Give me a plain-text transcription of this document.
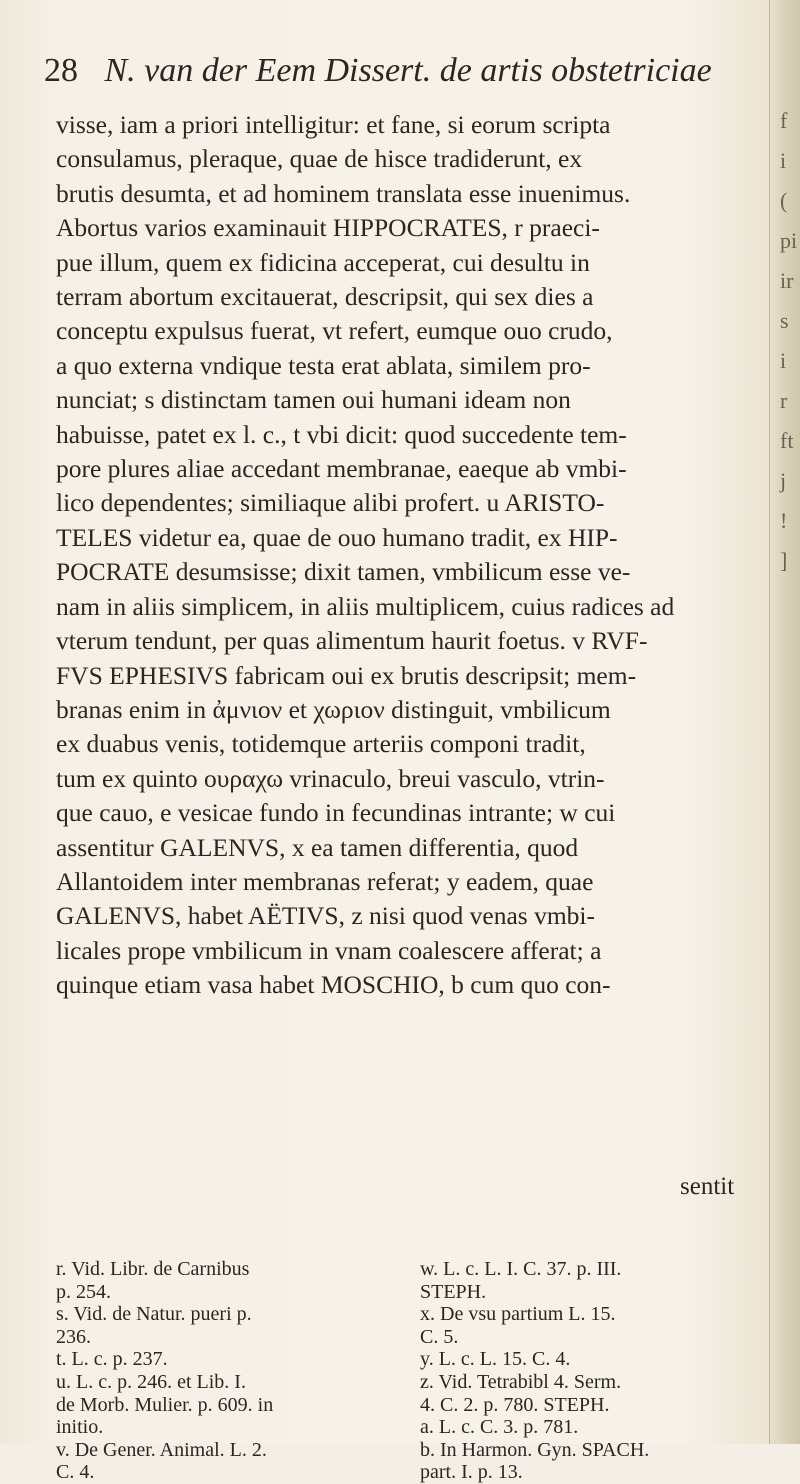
f
i
(
pi
ir
s
i
r
ft
j
!
]
28 N. van der Eem Dissert. de artis obstetriciae

visse, iam a priori intelligitur: et fane, si eorum scripta

consulamus, pleraque, quae de hisce tradiderunt, ex

brutis desumta, et ad hominem translata esse inuenimus.

Abortus varios examinauit HIPPOCRATES, r praeci-

pue illum, quem ex fidicina acceperat, cui desultu in

terram abortum excitauerat, descripsit, qui sex dies a

conceptu expulsus fuerat, vt refert, eumque ouo crudo,

a quo externa vndique testa erat ablata, similem pro-

nunciat; s distinctam tamen oui humani ideam non

habuisse, patet ex l. c., t vbi dicit: quod succedente tem-

pore plures aliae accedant membranae, eaeque ab vmbi-

lico dependentes; similiaque alibi profert. u ARISTO-

TELES videtur ea, quae de ouo humano tradit, ex HIP-

POCRATE desumsisse; dixit tamen, vmbilicum esse ve-

nam in aliis simplicem, in aliis multiplicem, cuius radices ad

vterum tendunt, per quas alimentum haurit foetus. v RVF-

FVS EPHESIVS fabricam oui ex brutis descripsit; mem-

branas enim in ἀμνιον et χωριον distinguit, vmbilicum

ex duabus venis, totidemque arteriis componi tradit,

tum ex quinto ουραχω vrinaculo, breui vasculo, vtrin-

que cauo, e vesicae fundo in fecundinas intrante; w cui

assentitur GALENVS, x ea tamen differentia, quod

Allantoidem inter membranas referat; y eadem, quae

GALENVS, habet AËTIVS, z nisi quod venas vmbi-

licales prope vmbilicum in vnam coalescere afferat; a

quinque etiam vasa habet MOSCHIO, b cum quo con-

sentit

r. Vid. Libr. de Carnibus

p. 254.

s. Vid. de Natur. pueri p.

236.

t. L. c. p. 237.

u. L. c. p. 246. et Lib. I.

de Morb. Mulier. p. 609. in

initio.

v. De Gener. Animal. L. 2.

C. 4.

w. L. c. L. I. C. 37. p. III.

STEPH.

x. De vsu partium L. 15.

C. 5.

y. L. c. L. 15. C. 4.

z. Vid. Tetrabibl 4. Serm.

4. C. 2. p. 780. STEPH.

a. L. c. C. 3. p. 781.

b. In Harmon. Gyn. SPACH.

part. I. p. 13.
